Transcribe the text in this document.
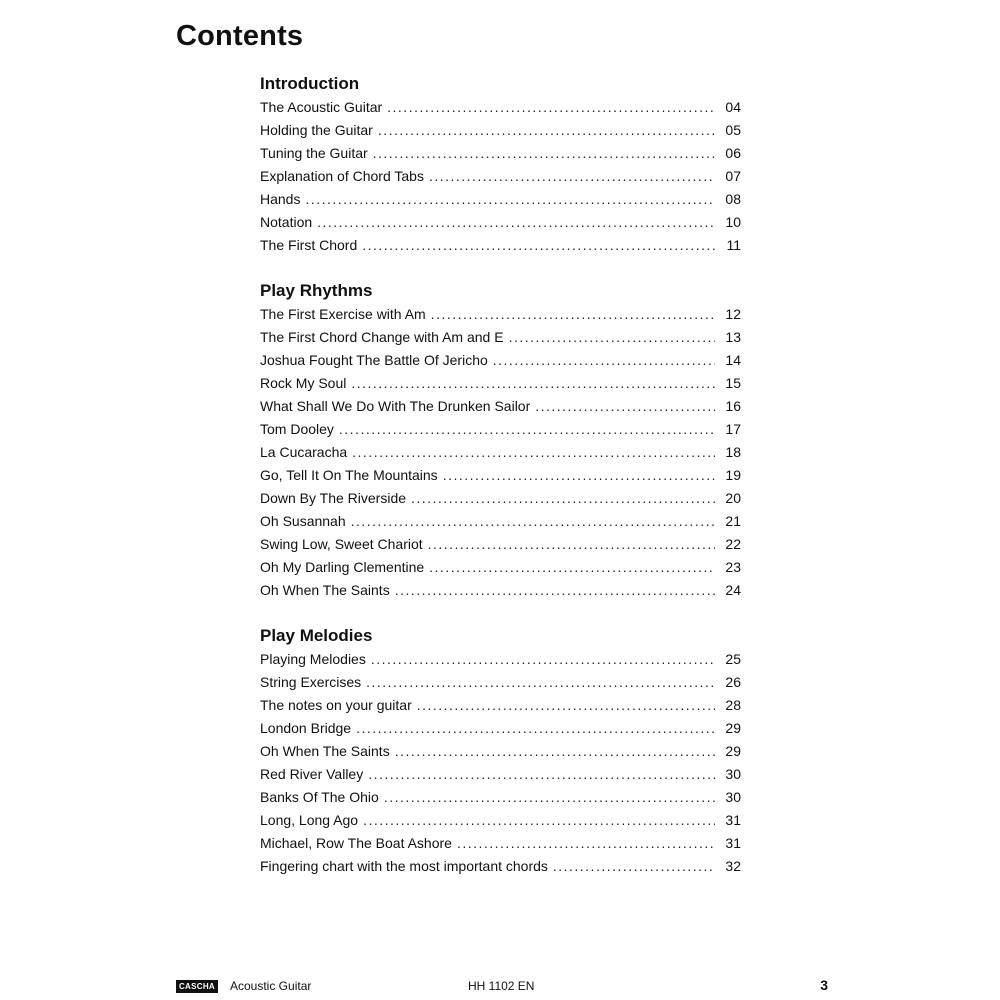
Contents
Introduction
The Acoustic Guitar . . .	04
Holding the Guitar . . .	05
Tuning the Guitar . . .	06
Explanation of Chord Tabs . . .	07
Hands . . .	08
Notation . . .	10
The First Chord . . .	11
Play Rhythms
The First Exercise with Am . . .	12
The First Chord Change with Am and E . . .	13
Joshua Fought The Battle Of Jericho . . .	14
Rock My Soul . . .	15
What Shall We Do With The Drunken Sailor . . .	16
Tom Dooley . . .	17
La Cucaracha . . .	18
Go, Tell It On The Mountains . . .	19
Down By The Riverside . . .	20
Oh Susannah . . .	21
Swing Low, Sweet Chariot . . .	22
Oh My Darling Clementine . . .	23
Oh When The Saints . . .	24
Play Melodies
Playing Melodies . . .	25
String Exercises . . .	26
The notes on your guitar . . .	28
London Bridge . . .	29
Oh When The Saints . . .	29
Red River Valley . . .	30
Banks Of The Ohio . . .	30
Long, Long Ago . . .	31
Michael, Row The Boat Ashore . . .	31
Fingering chart with the most important chords . . .	32
CASCHA Acoustic Guitar	HH 1102 EN	3
